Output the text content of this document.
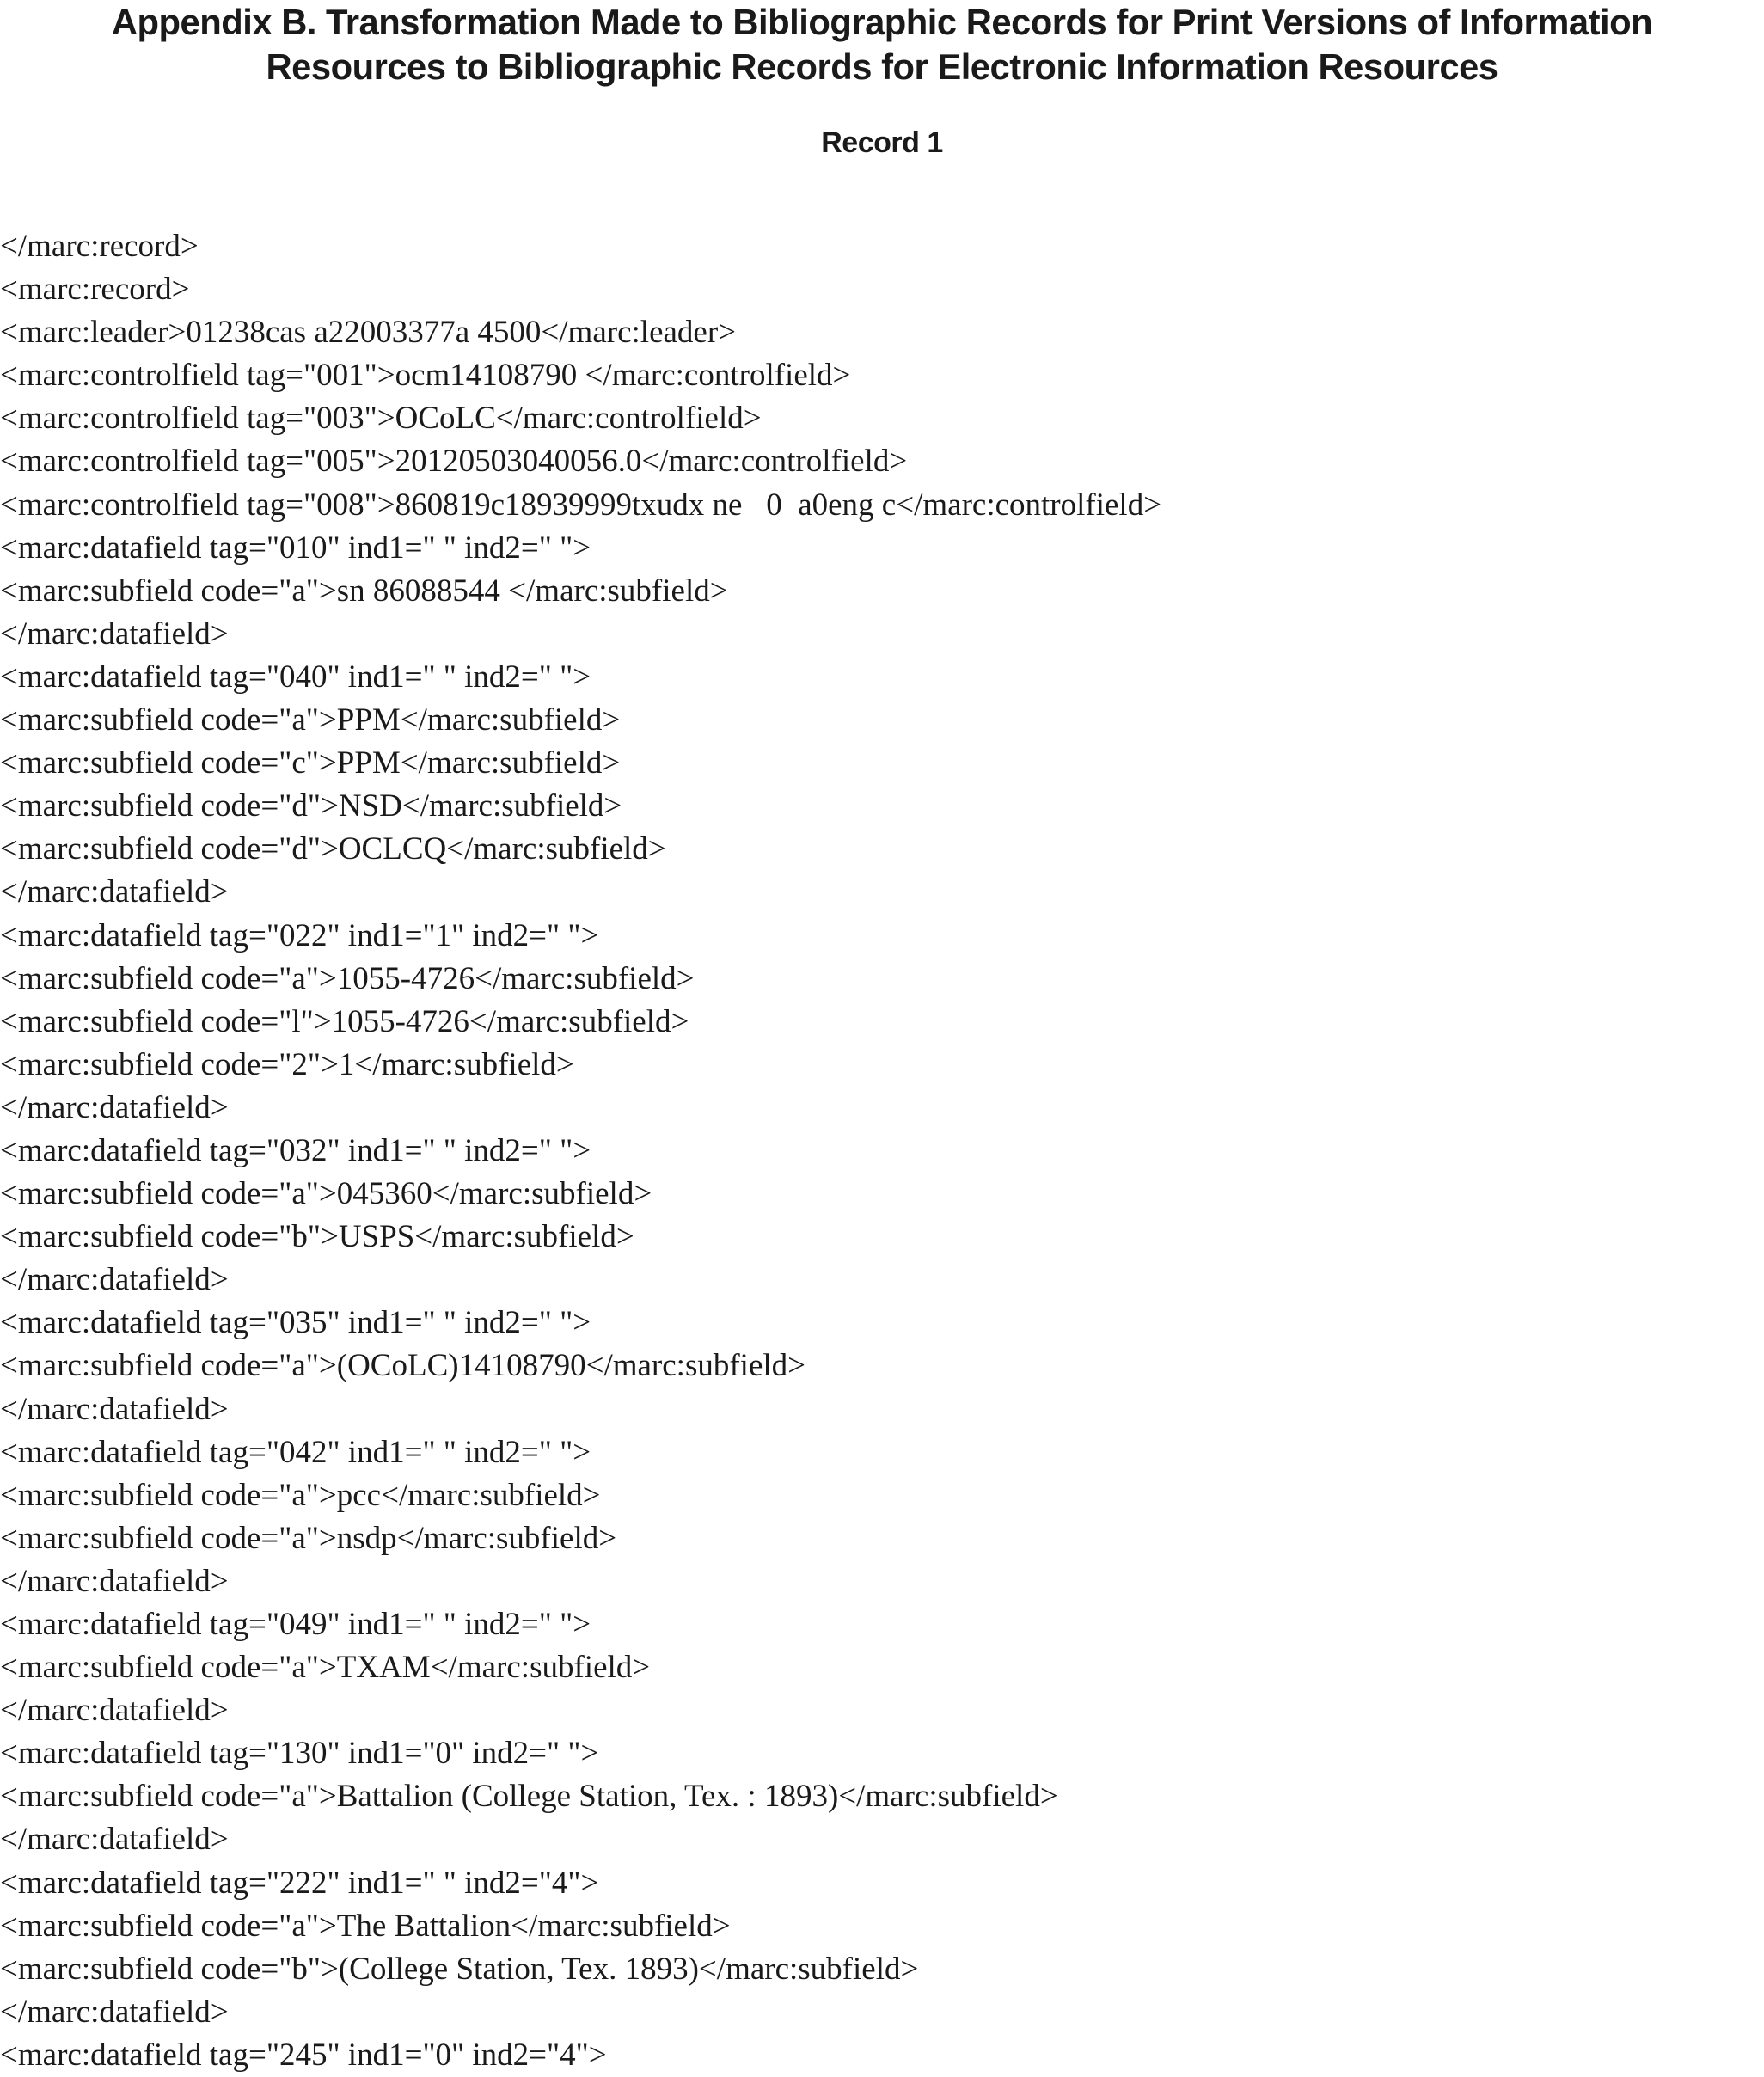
Appendix B. Transformation Made to Bibliographic Records for Print Versions of Information
Resources to Bibliographic Records for Electronic Information Resources
Record 1
</marc:record>
<marc:record>
<marc:leader>01238cas a22003377a 4500</marc:leader>
<marc:controlfield tag="001">ocm14108790 </marc:controlfield>
<marc:controlfield tag="003">OCoLC</marc:controlfield>
<marc:controlfield tag="005">20120503040056.0</marc:controlfield>
<marc:controlfield tag="008">860819c18939999txudx ne   0  a0eng c</marc:controlfield>
<marc:datafield tag="010" ind1=" " ind2=" ">
<marc:subfield code="a">sn 86088544 </marc:subfield>
</marc:datafield>
<marc:datafield tag="040" ind1=" " ind2=" ">
<marc:subfield code="a">PPM</marc:subfield>
<marc:subfield code="c">PPM</marc:subfield>
<marc:subfield code="d">NSD</marc:subfield>
<marc:subfield code="d">OCLCQ</marc:subfield>
</marc:datafield>
<marc:datafield tag="022" ind1="1" ind2=" ">
<marc:subfield code="a">1055-4726</marc:subfield>
<marc:subfield code="l">1055-4726</marc:subfield>
<marc:subfield code="2">1</marc:subfield>
</marc:datafield>
<marc:datafield tag="032" ind1=" " ind2=" ">
<marc:subfield code="a">045360</marc:subfield>
<marc:subfield code="b">USPS</marc:subfield>
</marc:datafield>
<marc:datafield tag="035" ind1=" " ind2=" ">
<marc:subfield code="a">(OCoLC)14108790</marc:subfield>
</marc:datafield>
<marc:datafield tag="042" ind1=" " ind2=" ">
<marc:subfield code="a">pcc</marc:subfield>
<marc:subfield code="a">nsdp</marc:subfield>
</marc:datafield>
<marc:datafield tag="049" ind1=" " ind2=" ">
<marc:subfield code="a">TXAM</marc:subfield>
</marc:datafield>
<marc:datafield tag="130" ind1="0" ind2=" ">
<marc:subfield code="a">Battalion (College Station, Tex. : 1893)</marc:subfield>
</marc:datafield>
<marc:datafield tag="222" ind1=" " ind2="4">
<marc:subfield code="a">The Battalion</marc:subfield>
<marc:subfield code="b">(College Station, Tex. 1893)</marc:subfield>
</marc:datafield>
<marc:datafield tag="245" ind1="0" ind2="4">
